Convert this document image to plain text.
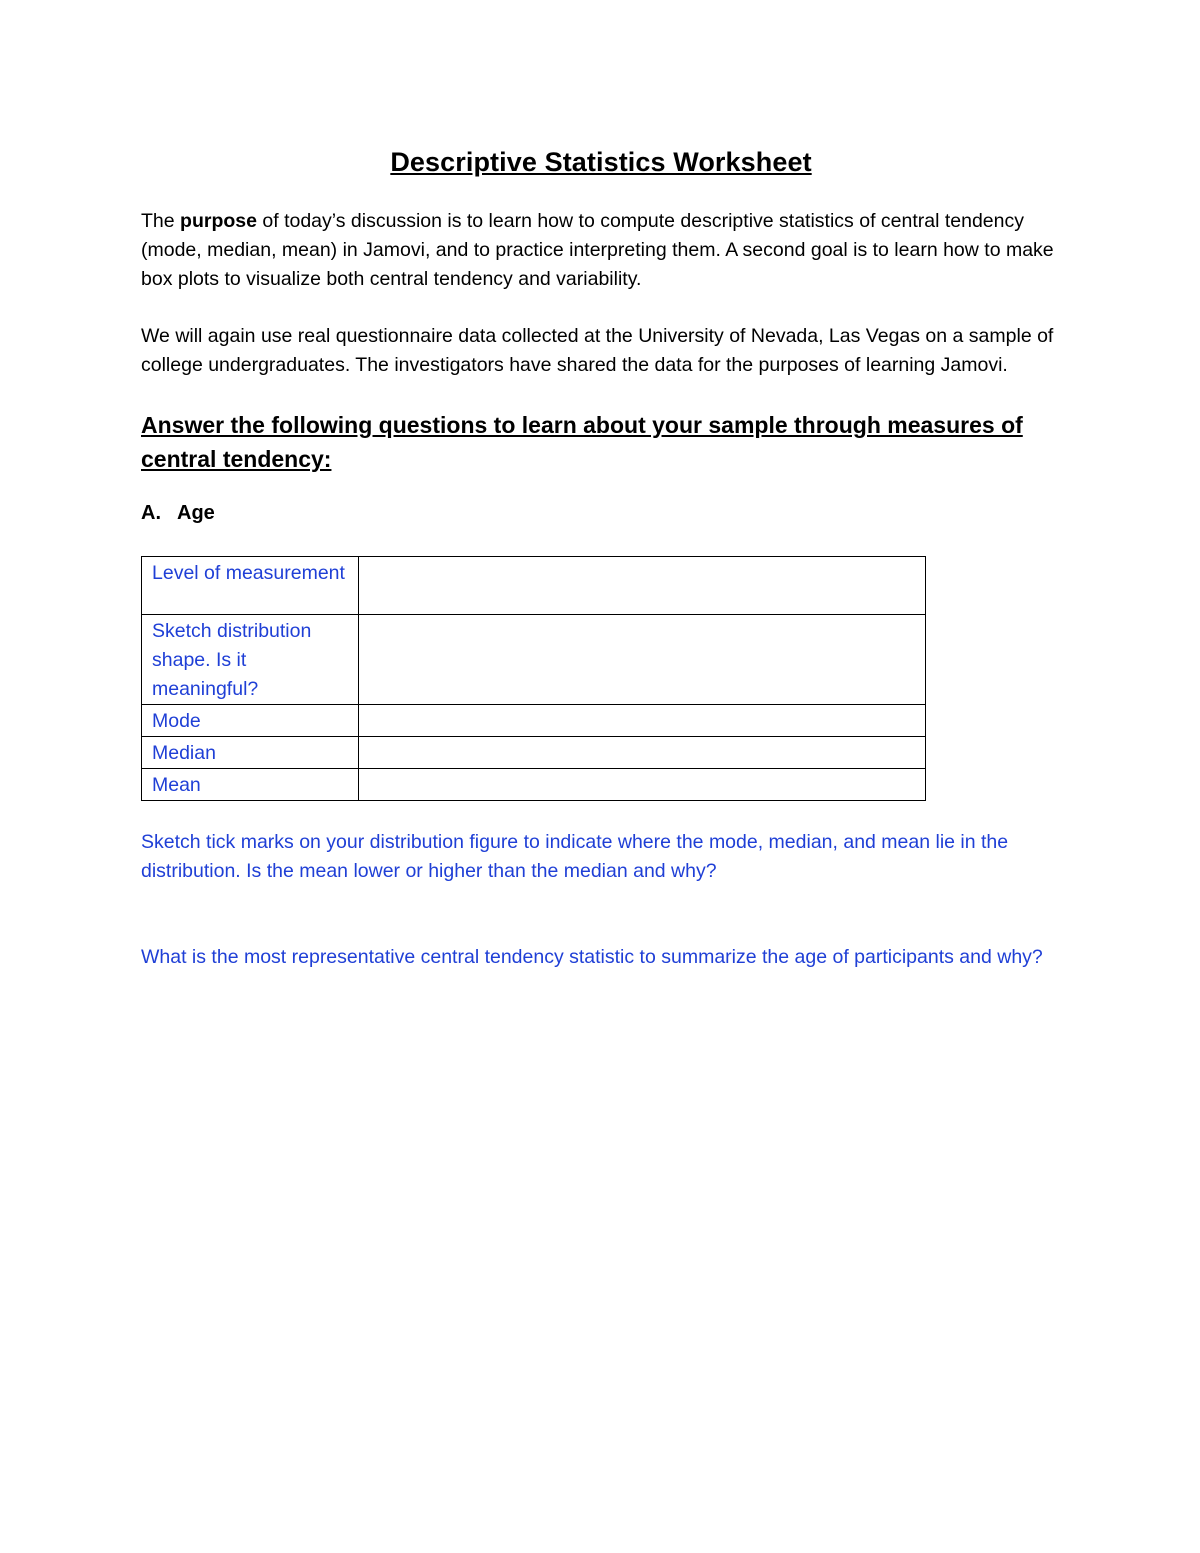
Descriptive Statistics Worksheet

The purpose of today’s discussion is to learn how to compute descriptive statistics of central tendency (mode, median, mean) in Jamovi, and to practice interpreting them. A second goal is to learn how to make box plots to visualize both central tendency and variability.

We will again use real questionnaire data collected at the University of Nevada, Las Vegas on a sample of college undergraduates. The investigators have shared the data for the purposes of learning Jamovi.

Answer the following questions to learn about your sample through measures of central tendency:
A. Age
Level of measurement	
Sketch distribution shape. Is it meaningful?	
Mode	
Median	
Mean	

Sketch tick marks on your distribution figure to indicate where the mode, median, and mean lie in the distribution. Is the mean lower or higher than the median and why?

What is the most representative central tendency statistic to summarize the age of participants and why?
